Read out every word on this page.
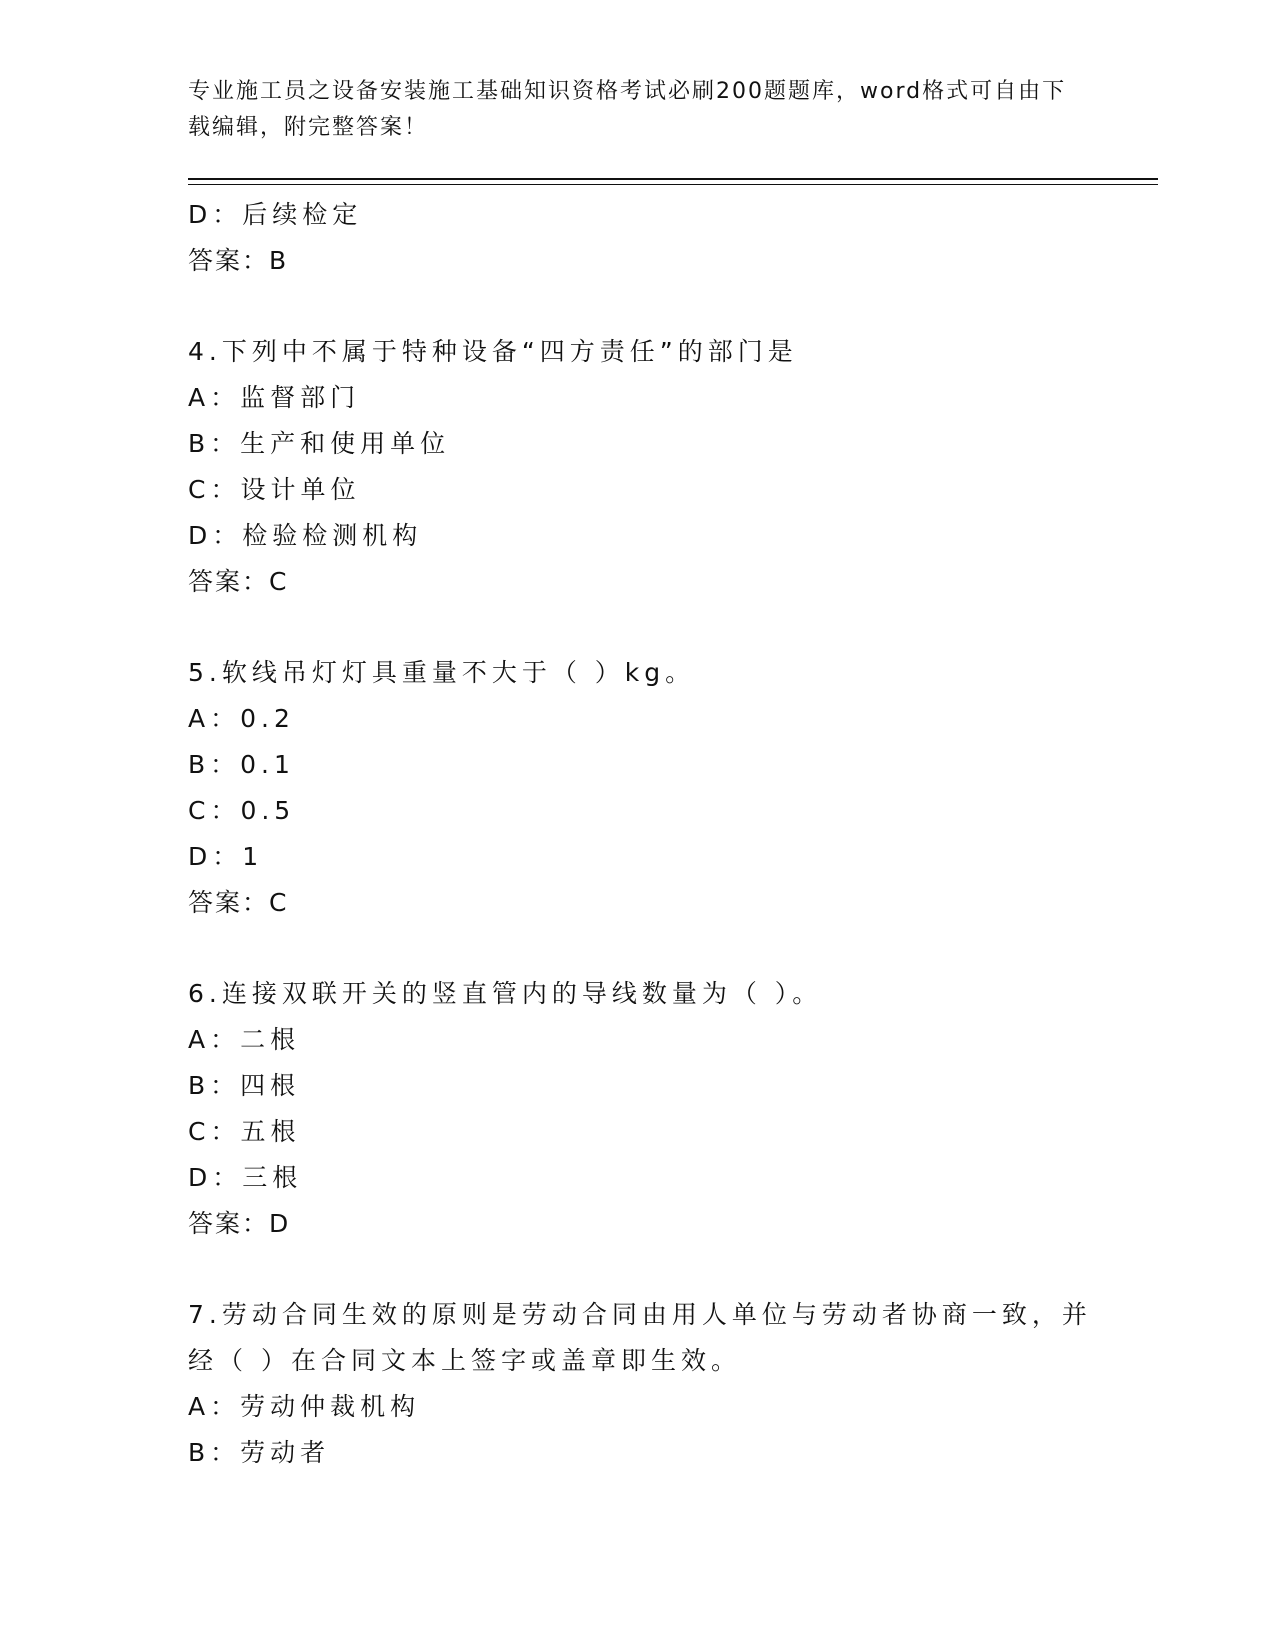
专业施工员之设备安装施工基础知识资格考试必刷200题题库，word格式可自由下载编辑，附完整答案！
D：后续检定
答案：B
4.下列中不属于特种设备“四方责任”的部门是
A：监督部门
B：生产和使用单位
C：设计单位
D：检验检测机构
答案：C
5.软线吊灯灯具重量不大于（ ）kg。
A：0.2
B：0.1
C：0.5
D：1
答案：C
6.连接双联开关的竖直管内的导线数量为（ ）。
A：二根
B：四根
C：五根
D：三根
答案：D
7.劳动合同生效的原则是劳动合同由用人单位与劳动者协商一致，并
经（ ）在合同文本上签字或盖章即生效。
A：劳动仲裁机构
B：劳动者
